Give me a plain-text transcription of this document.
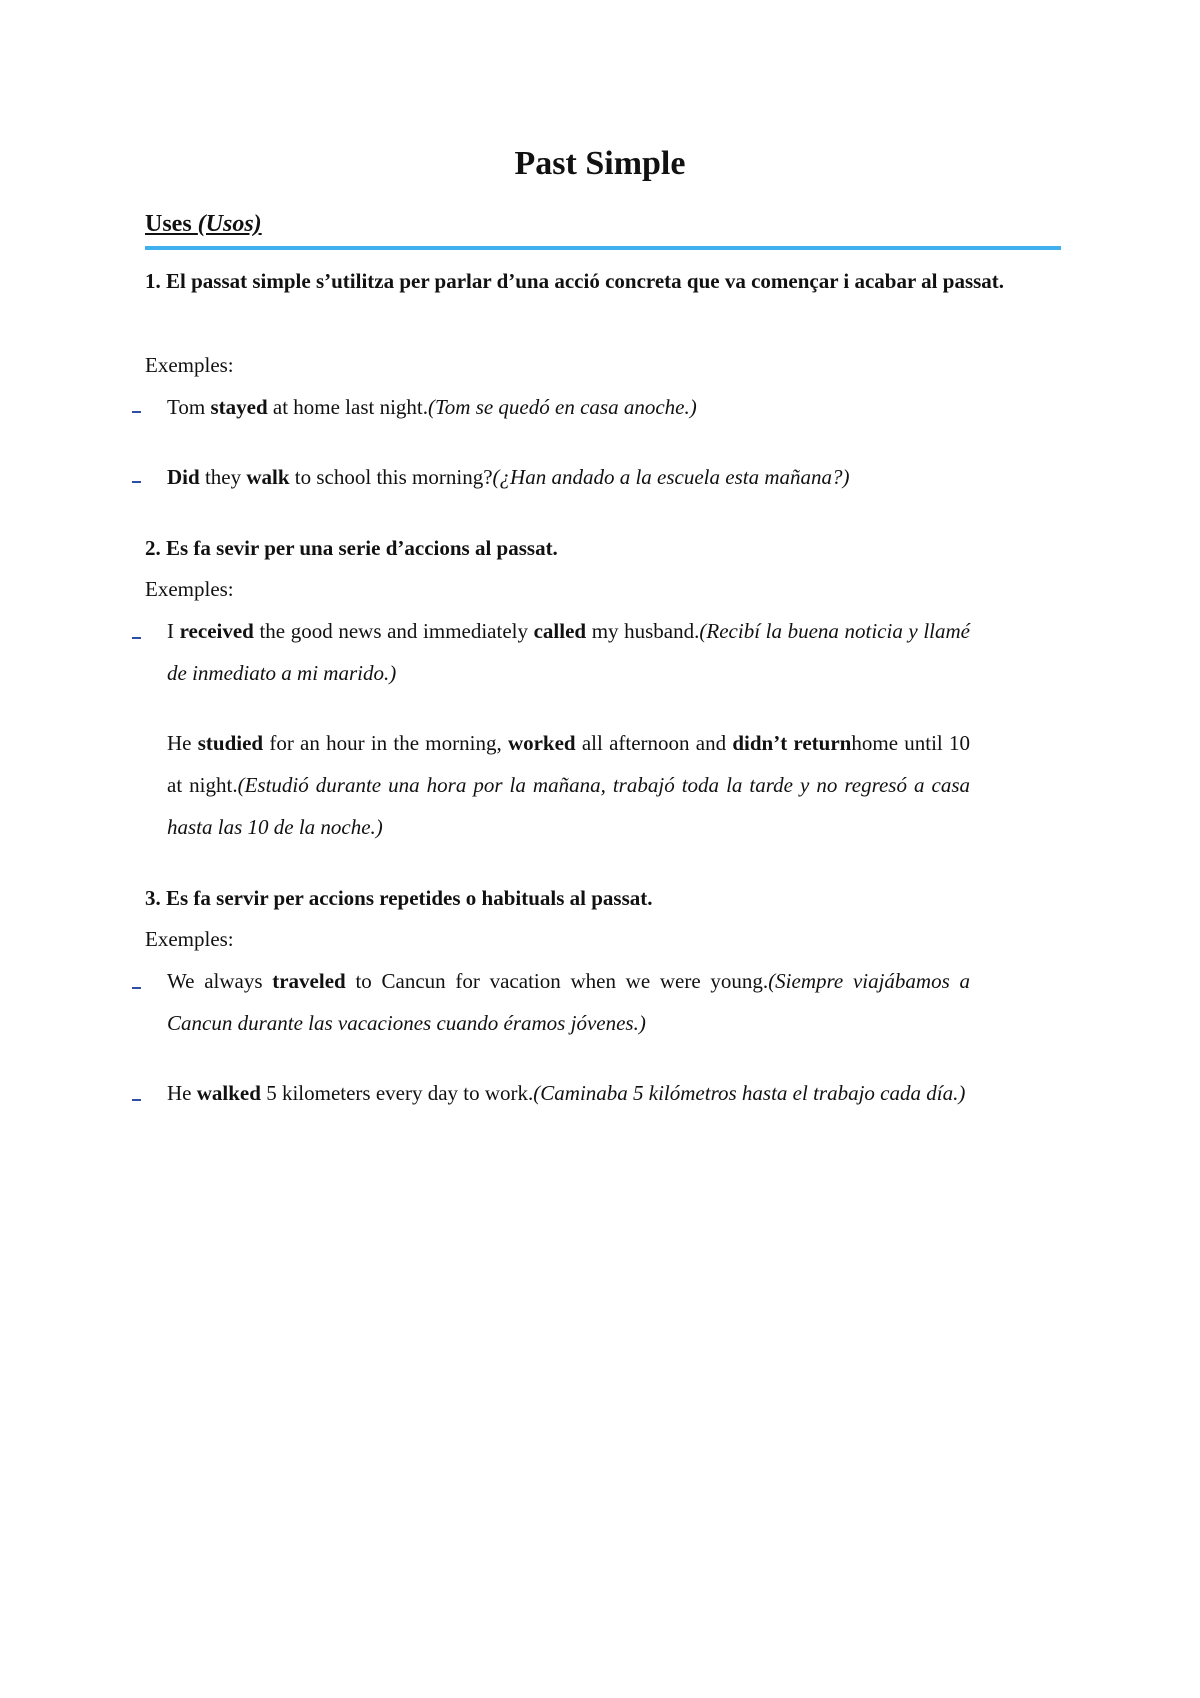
Past Simple
Uses (Usos)
1. El passat simple s’utilitza per parlar d’una acció concreta que va començar i acabar al passat.
Exemples:
Tom stayed at home last night.(Tom se quedó en casa anoche.)
Did they walk to school this morning?(¿Han andado a la escuela esta mañana?)
2. Es fa sevir per una serie d’accions al passat.
Exemples:
I received the good news and immediately called my husband.(Recibí la buena noticia y llamé de inmediato a mi marido.)
He studied for an hour in the morning, worked all afternoon and didn’t returnhome until 10 at night.(Estudió durante una hora por la mañana, trabajó toda la tarde y no regresó a casa hasta las 10 de la noche.)
3. Es fa servir per accions repetides o habituals al passat.
Exemples:
We always traveled to Cancun for vacation when we were young.(Siempre viajábamos a Cancun durante las vacaciones cuando éramos jóvenes.)
He walked 5 kilometers every day to work.(Caminaba 5 kilómetros hasta el trabajo cada día.)
